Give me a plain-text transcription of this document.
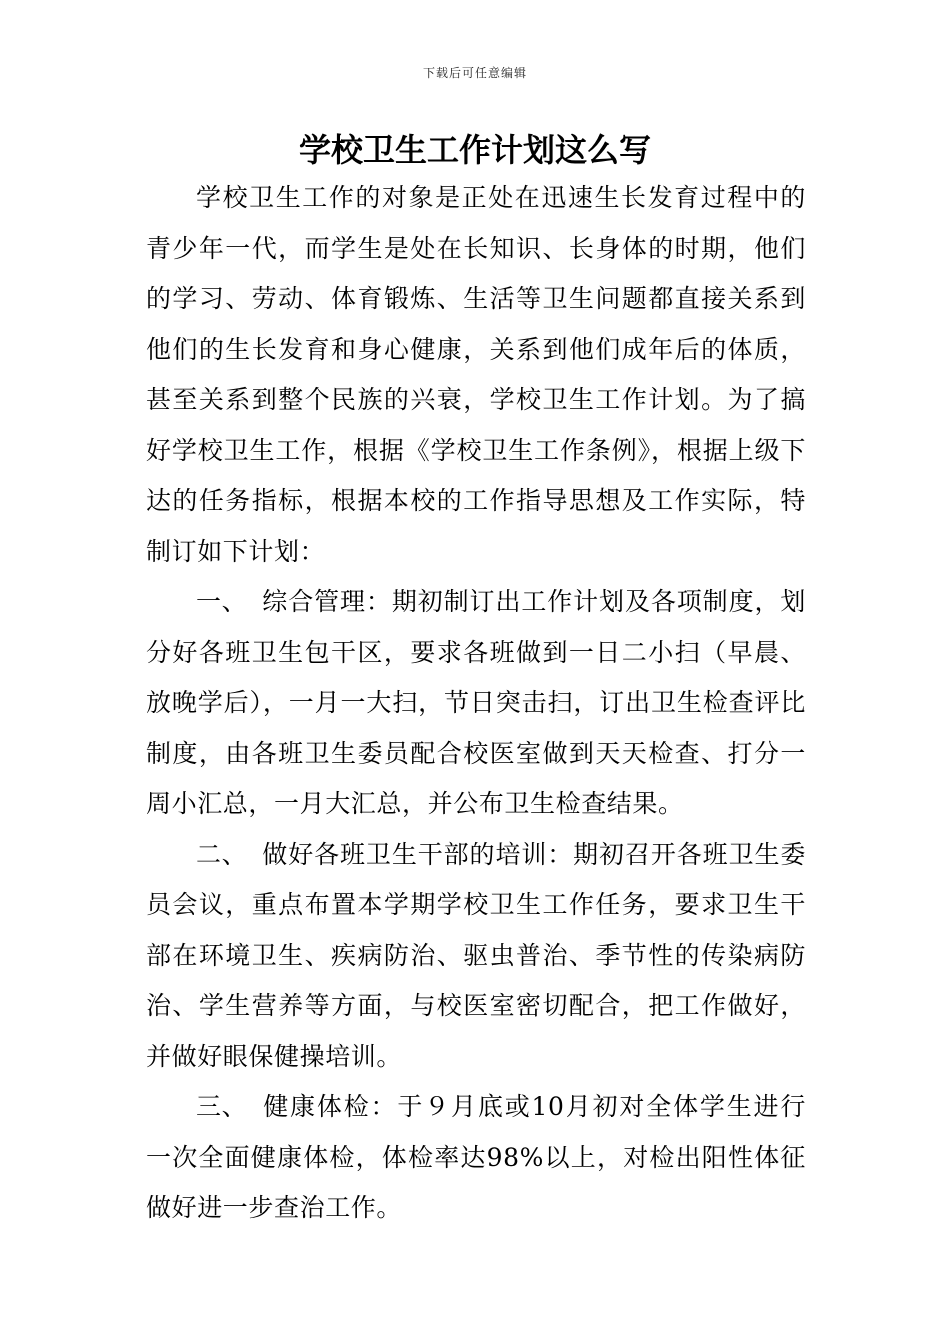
下载后可任意编辑
学校卫生工作计划这么写

学校卫生工作的对象是正处在迅速生长发育过程中的青少年一代，而学生是处在长知识、长身体的时期，他们的学习、劳动、体育锻炼、生活等卫生问题都直接关系到他们的生长发育和身心健康，关系到他们成年后的体质，甚至关系到整个民族的兴衰，学校卫生工作计划。为了搞好学校卫生工作，根据《学校卫生工作条例》，根据上级下达的任务指标，根据本校的工作指导思想及工作实际，特制订如下计划：

一、 综合管理：期初制订出工作计划及各项制度，划分好各班卫生包干区，要求各班做到一日二小扫（早晨、放晚学后），一月一大扫，节日突击扫，订出卫生检查评比制度，由各班卫生委员配合校医室做到天天检查、打分一周小汇总，一月大汇总，并公布卫生检查结果。

二、 做好各班卫生干部的培训：期初召开各班卫生委员会议，重点布置本学期学校卫生工作任务，要求卫生干部在环境卫生、疾病防治、驱虫普治、季节性的传染病防治、学生营养等方面，与校医室密切配合，把工作做好，并做好眼保健操培训。

三、 健康体检：于９月底或10月初对全体学生进行一次全面健康体检，体检率达98%以上，对检出阳性体征做好进一步查治工作。
